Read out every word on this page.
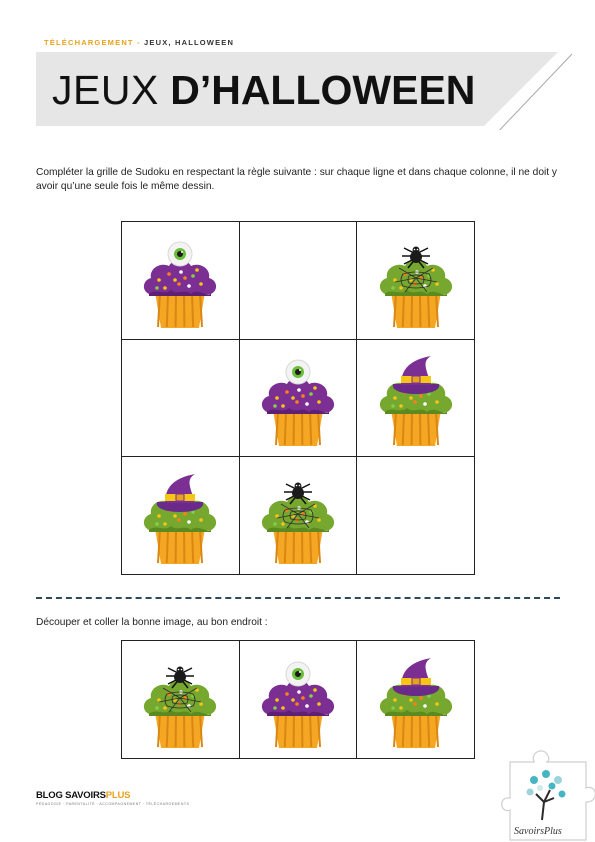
TÉLÉCHARGEMENT - JEUX, HALLOWEEN
JEUX D’HALLOWEEN
Compléter la grille de Sudoku en respectant la règle suivante : sur chaque ligne et dans chaque colonne, il ne doit y avoir qu’une seule fois le même dessin.
Découper et coller la bonne image, au bon endroit :
BLOG SAVOIRSPLUS
PÉDAGOGIE · PARENTALITÉ · ACCOMPAGNEMENT · TÉLÉCHARGEMENTS
SavoirsPlus
